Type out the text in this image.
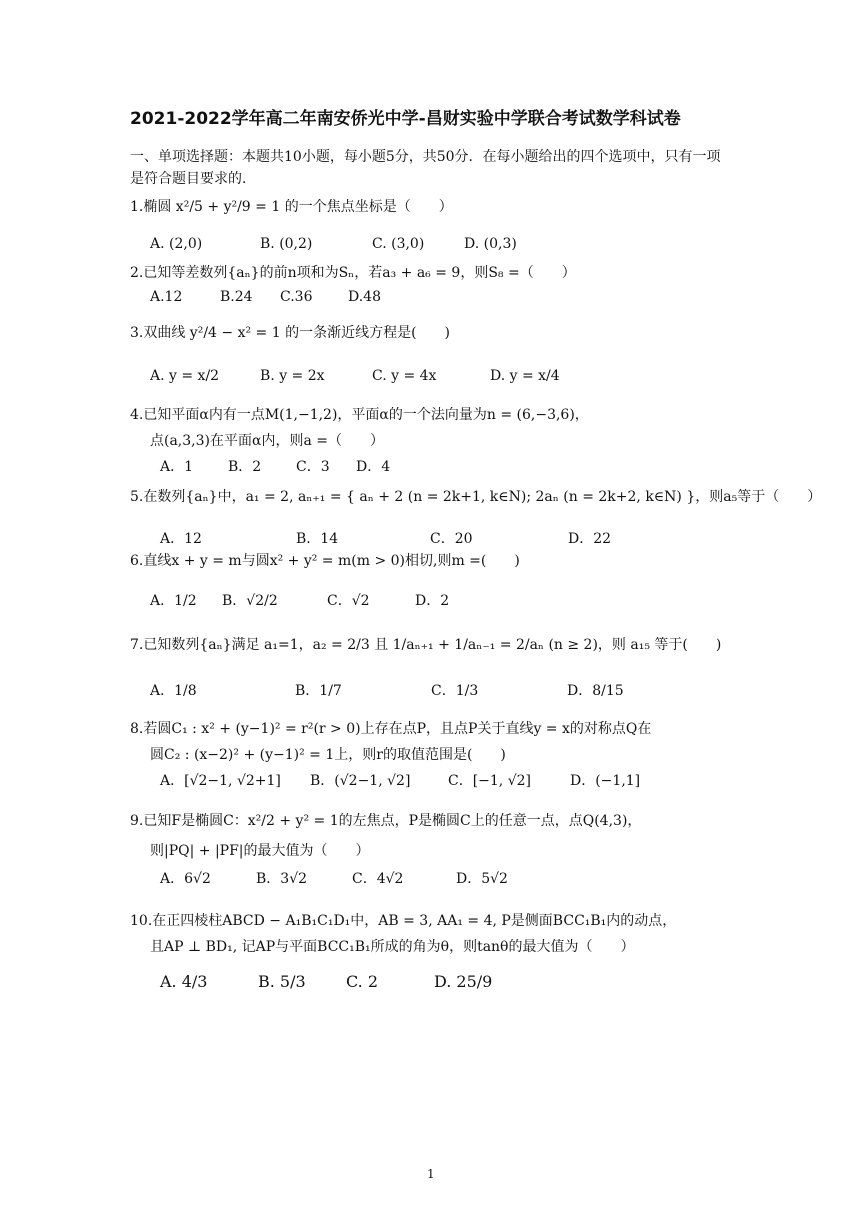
2021-2022学年高二年南安侨光中学-昌财实验中学联合考试数学科试卷
一、单项选择题：本题共10小题，每小题5分，共50分．在每小题给出的四个选项中，只有一项是符合题目要求的．
1.椭圆 x²/5 + y²/9 = 1 的一个焦点坐标是（　　）
A. (2,0)	B. (0,2)	C. (3,0)	D. (0,3)
2.已知等差数列{aₙ}的前n项和为Sₙ，若a₃ + a₆ = 9，则S₈ =（　　）
A.12	B.24 C.36	D.48
3.双曲线 y²/4 − x² = 1 的一条渐近线方程是(　　)
A. y = x/2	B. y = 2x	C. y = 4x	D. y = x/4
4.已知平面α内有一点M(1,−1,2)，平面α的一个法向量为n = (6,−3,6)，
点(a,3,3)在平面α内，则a =（　　）
A．1 B．2 C．3 D．4
5.在数列{aₙ}中，a₁ = 2, aₙ₊₁ = { aₙ + 2 (n = 2k+1, k∈N); 2aₙ (n = 2k+2, k∈N) }，则a₅等于（　　）
A．12	B．14	C．20	D．22
6.直线x + y = m与圆x² + y² = m(m > 0)相切,则m =(　　)
A．1/2 B．√2/2	C．√2	D．2
7.已知数列{aₙ}满足 a₁=1，a₂ = 2/3 且 1/aₙ₊₁ + 1/aₙ₋₁ = 2/aₙ (n ≥ 2)，则 a₁₅ 等于(　　)
A．1/8	B．1/7	C．1/3	D．8/15
8.若圆C₁ : x² + (y−1)² = r²(r > 0)上存在点P，且点P关于直线y = x的对称点Q在
圆C₂ : (x−2)² + (y−1)² = 1上，则r的取值范围是(　　)
A．[√2−1, √2+1] B．(√2−1, √2]	C．[−1, √2]	D．(−1,1]
9.已知F是椭圆C：x²/2 + y² = 1的左焦点，P是椭圆C上的任意一点，点Q(4,3)，
则|PQ| + |PF|的最大值为（　　）
A．6√2	B．3√2	C．4√2	D．5√2
10.在正四棱柱ABCD − A₁B₁C₁D₁中，AB = 3, AA₁ = 4, P是侧面BCC₁B₁内的动点，
且AP ⊥ BD₁, 记AP与平面BCC₁B₁所成的角为θ，则tanθ的最大值为（　　）
A. 4/3	B. 5/3	C. 2	D. 25/9
1
